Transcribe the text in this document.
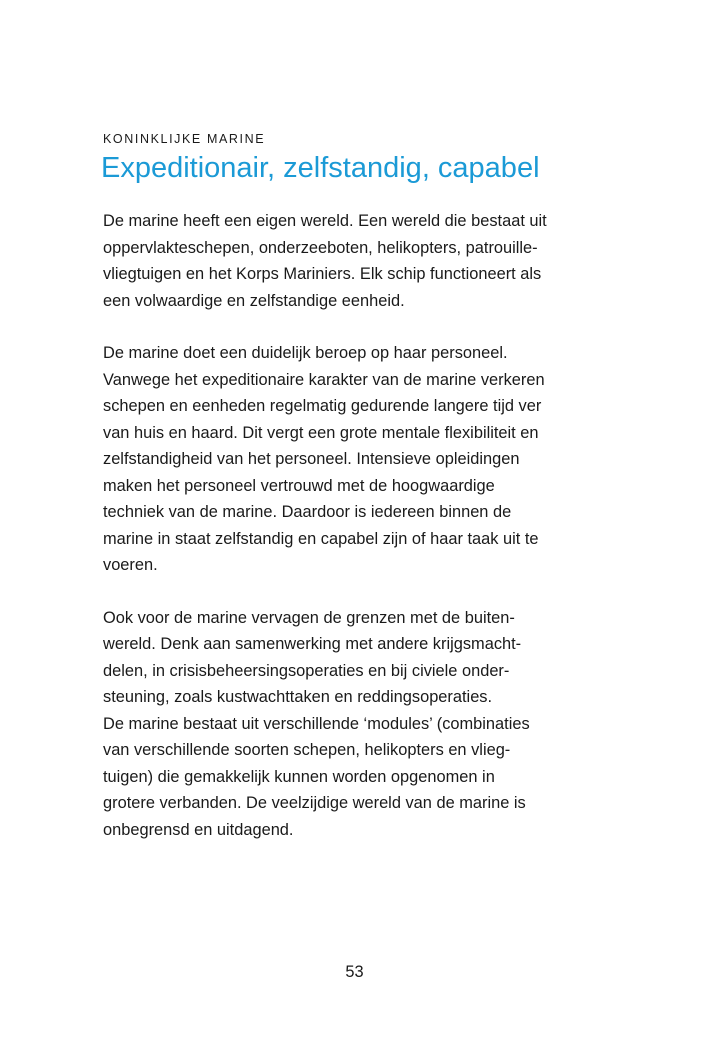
KONINKLIJKE MARINE
Expeditionair, zelfstandig, capabel

De marine heeft een eigen wereld. Een wereld die bestaat uit
oppervlakteschepen, onderzeeboten, helikopters, patrouille-
vliegtuigen en het Korps Mariniers. Elk schip functioneert als
een volwaardige en zelfstandige eenheid.

De marine doet een duidelijk beroep op haar personeel.
Vanwege het expeditionaire karakter van de marine verkeren
schepen en eenheden regelmatig gedurende langere tijd ver
van huis en haard. Dit vergt een grote mentale flexibiliteit en
zelfstandigheid van het personeel. Intensieve opleidingen
maken het personeel vertrouwd met de hoogwaardige
techniek van de marine. Daardoor is iedereen binnen de
marine in staat zelfstandig en capabel zijn of haar taak uit te
voeren.

Ook voor de marine vervagen de grenzen met de buiten-
wereld. Denk aan samenwerking met andere krijgsmacht-
delen, in crisisbeheersingsoperaties en bij civiele onder-
steuning, zoals kustwachttaken en reddingsoperaties.
De marine bestaat uit verschillende ‘modules’ (combinaties
van verschillende soorten schepen, helikopters en vlieg-
tuigen) die gemakkelijk kunnen worden opgenomen in
grotere verbanden. De veelzijdige wereld van de marine is
onbegrensd en uitdagend.

53
